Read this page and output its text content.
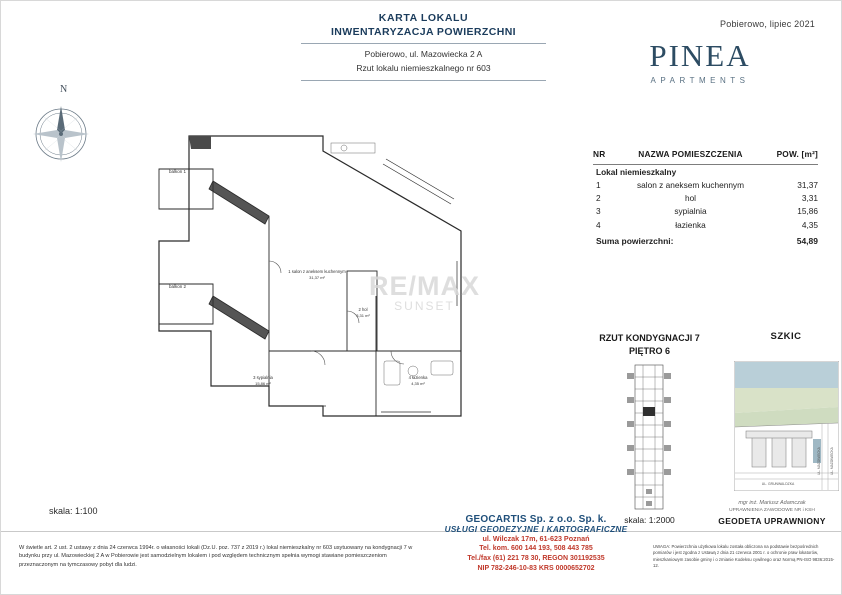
KARTA LOKALU
INWENTARYZACJA POWIERZCHNI
Pobierowo, ul. Mazowiecka 2 A
Rzut lokalu niemieszkalnego nr 603
Pobierowo, lipiec 2021
PINEA
APARTMENTS
N
balkon 1
balkon 2
1 salon z aneksem kuchennym
31,37 m²
2 hol
3,31 m²
3 sypialnia
15,86 m²
4 łazienka
4,35 m²
RE/MAX
SUNSET
skala: 1:100
NR	NAZWA POMIESZCZENIA	POW. [m²]

Lokal niemieszkalny		
1	salon z aneksem kuchennym	31,37
2	hol	3,31
3	sypialnia	15,86
4	łazienka	4,35
Suma powierzchni:		54,89
RZUT KONDYGNACJI 7
PIĘTRO 6
skala: 1:2000
SZKIC
UL. GRUNWALDZKA
UL. MAZOWIECKA	UL. MAZOWIECKA
mgr inż. Mariusz Adamczak
UPRAWNIENIA ZAWODOWE NR i KSH
GEODETA UPRAWNIONY
GEOCARTIS Sp. z o.o. Sp. k.
USŁUGI GEODEZYJNE I KARTOGRAFICZNE
ul. Wilczak 17m, 61-623 Poznań
Tel. kom. 600 144 193, 508 443 785
Tel./fax (61) 221 78 30, REGON 301192535
NIP 782-246-10-83 KRS 0000652702
W świetle art. 2 ust. 2 ustawy z dnia 24 czerwca 1994r. o własności lokali (Dz.U. poz. 737 z 2019 r.) lokal niemieszkalny nr 603 usytuowany na kondygnacji 7 w budynku przy ul. Mazowieckiej 2 A w Pobierowie jest samodzielnym lokalem i pod względem technicznym spełnia wymogi stawiane pomieszczeniom przeznaczonym na tymczasowy pobyt dla ludzi.
UWAGA: Powierzchnia użytkowa lokalu została obliczona na podstawie bezpośrednich pomiarów i jest zgodna z Ustawą z dnia 21 czerwca 2001 r. o ochronie praw lokatorów, mieszkaniowym zasobie gminy i o zmianie Kodeksu cywilnego oraz Normą PN-ISO 9836:2015-12.
